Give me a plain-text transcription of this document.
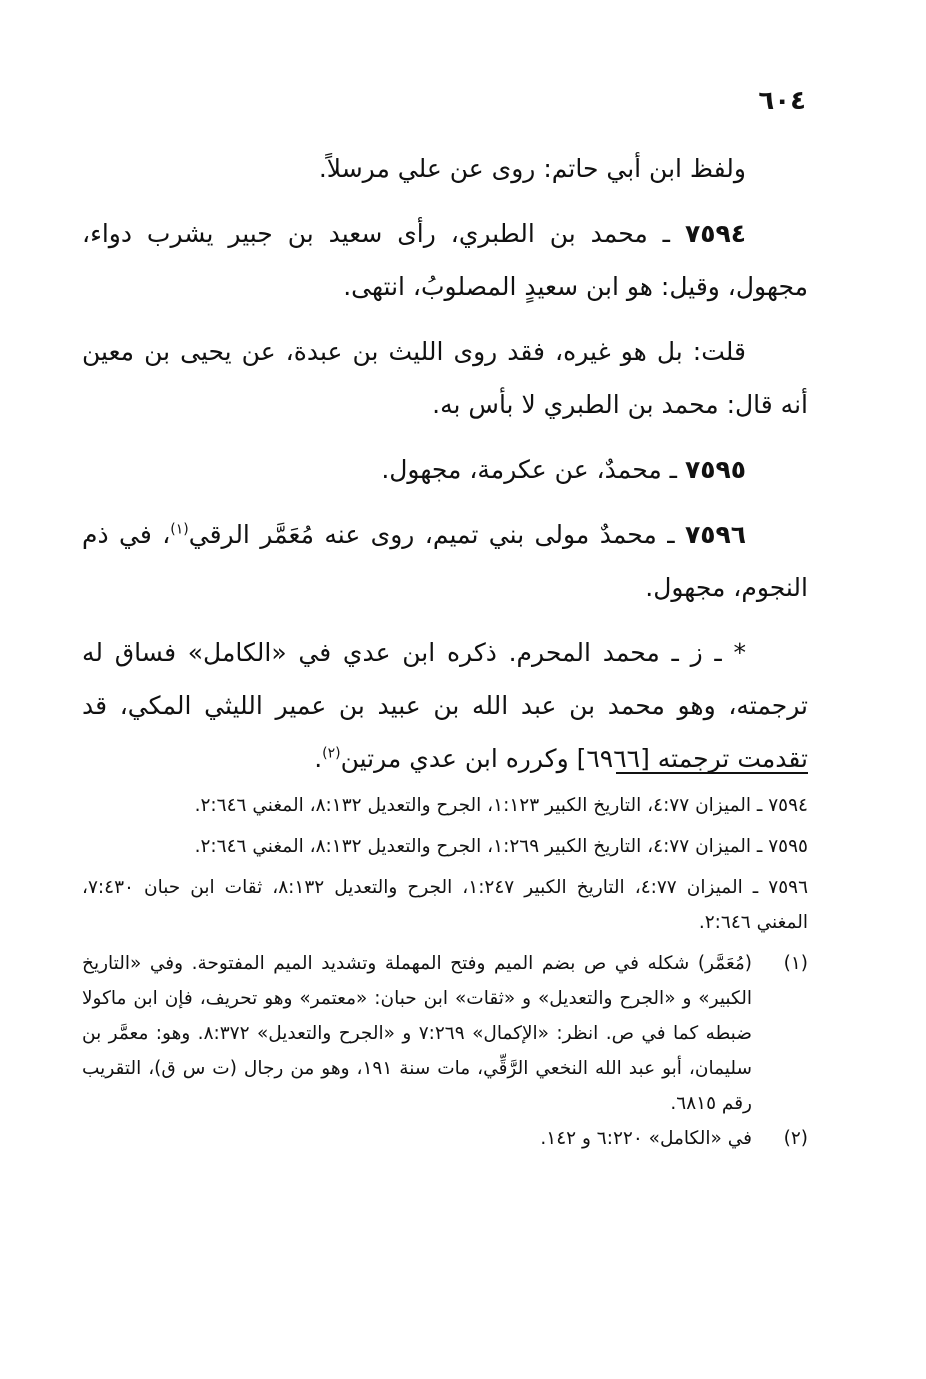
٦٠٤

ولفظ ابن أبي حاتم: روى عن علي مرسلاً.

٧٥٩٤ ـ محمد بن الطبري، رأى سعيد بن جبير يشرب دواء، مجهول، وقيل: هو ابن سعيدٍ المصلوبُ، انتهى.

قلت: بل هو غيره، فقد روى الليث بن عبدة، عن يحيى بن معين أنه قال: محمد بن الطبري لا بأس به.

٧٥٩٥ ـ محمدٌ، عن عكرمة، مجهول.

٧٥٩٦ ـ محمدٌ مولى بني تميم، روى عنه مُعَمَّر الرقي$^{(١)}$، في ذم النجوم، مجهول.

* ـ ز ـ محمد المحرم. ذكره ابن عدي في «الكامل» فساق له ترجمته، وهو محمد بن عبد الله بن عبيد بن عمير الليثي المكي، قد تقدمت ترجمته [٦٩٦٦] وكرره ابن عدي مرتين$^{(٢)}$.

٧٥٩٤ ـ الميزان ٤:٧٧، التاريخ الكبير ١:١٢٣، الجرح والتعديل ٨:١٣٢، المغني ٢:٦٤٦.

٧٥٩٥ ـ الميزان ٤:٧٧، التاريخ الكبير ١:٢٦٩، الجرح والتعديل ٨:١٣٢، المغني ٢:٦٤٦.

٧٥٩٦ ـ الميزان ٤:٧٧، التاريخ الكبير ١:٢٤٧، الجرح والتعديل ٨:١٣٢، ثقات ابن حبان ٧:٤٣٠، المغني ٢:٦٤٦.

(١)(مُعَمَّر) شكله في ص بضم الميم وفتح المهملة وتشديد الميم المفتوحة. وفي «التاريخ الكبير» و «الجرح والتعديل» و «ثقات» ابن حبان: «معتمر» وهو تحريف، فإن ابن ماكولا ضبطه كما في ص. انظر: «الإكمال» ٧:٢٦٩ و «الجرح والتعديل» ٨:٣٧٢. وهو: معمَّر بن سليمان، أبو عبد الله النخعي الرَّقِّي، مات سنة ١٩١، وهو من رجال (ت س ق)، التقريب رقم ٦٨١٥.

(٢)في «الكامل» ٦:٢٢٠ و ١٤٢.
